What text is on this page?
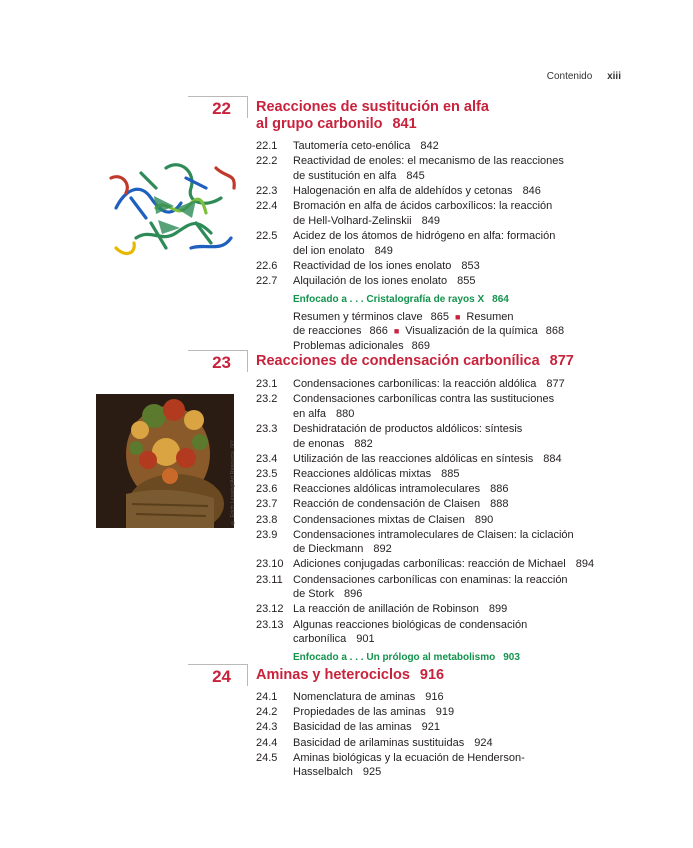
Contenido xiii
22 Reacciones de sustitución en alfa
al grupo carbonilo 841
22.1	Tautomería ceto-enólica 842
22.2	Reactividad de enoles: el mecanismo de las reacciones
de sustitución en alfa 845
22.3	Halogenación en alfa de aldehídos y cetonas 846
22.4	Bromación en alfa de ácidos carboxílicos: la reacción
de Hell-Volhard-Zelinskii 849
22.5	Acidez de los átomos de hidrógeno en alfa: formación
del ion enolato 849
22.6	Reactividad de los iones enolato 853
22.7	Alquilación de los iones enolato 855
Enfocado a . . . Cristalografía de rayos X 864
Resumen y términos clave 865 ■ Resumen
de reacciones 866 ■ Visualización de la química 868
Problemas adicionales 869
23 Reacciones de condensación carbonílica 877
23.1	Condensaciones carbonílicas: la reacción aldólica 877
23.2	Condensaciones carbonílicas contra las sustituciones
en alfa 880
23.3	Deshidratación de productos aldólicos: síntesis
de enonas 882
23.4	Utilización de las reacciones aldólicas en síntesis 884
23.5	Reacciones aldólicas mixtas 885
23.6	Reacciones aldólicas intramoleculares 886
23.7	Reacción de condensación de Claisen 888
23.8	Condensaciones mixtas de Claisen 890
23.9	Condensaciones intramoleculares de Claisen: la ciclación
de Dieckmann 892
23.10 Adiciones conjugadas carbonílicas: reacción de Michael 894
23.11 Condensaciones carbonílicas con enaminas: la reacción
de Stork 896
23.12 La reacción de anillación de Robinson 899
23.13 Algunas reacciones biológicas de condensación
carbonílica 901
Enfocado a . . . Un prólogo al metabolismo 903
© Erich Lessing/Art Resource, NY
24 Aminas y heterociclos 916
24.1	Nomenclatura de aminas 916
24.2	Propiedades de las aminas 919
24.3	Basicidad de las aminas 921
24.4	Basicidad de arilaminas sustituidas 924
24.5	Aminas biológicas y la ecuación de Henderson-
Hasselbalch 925
